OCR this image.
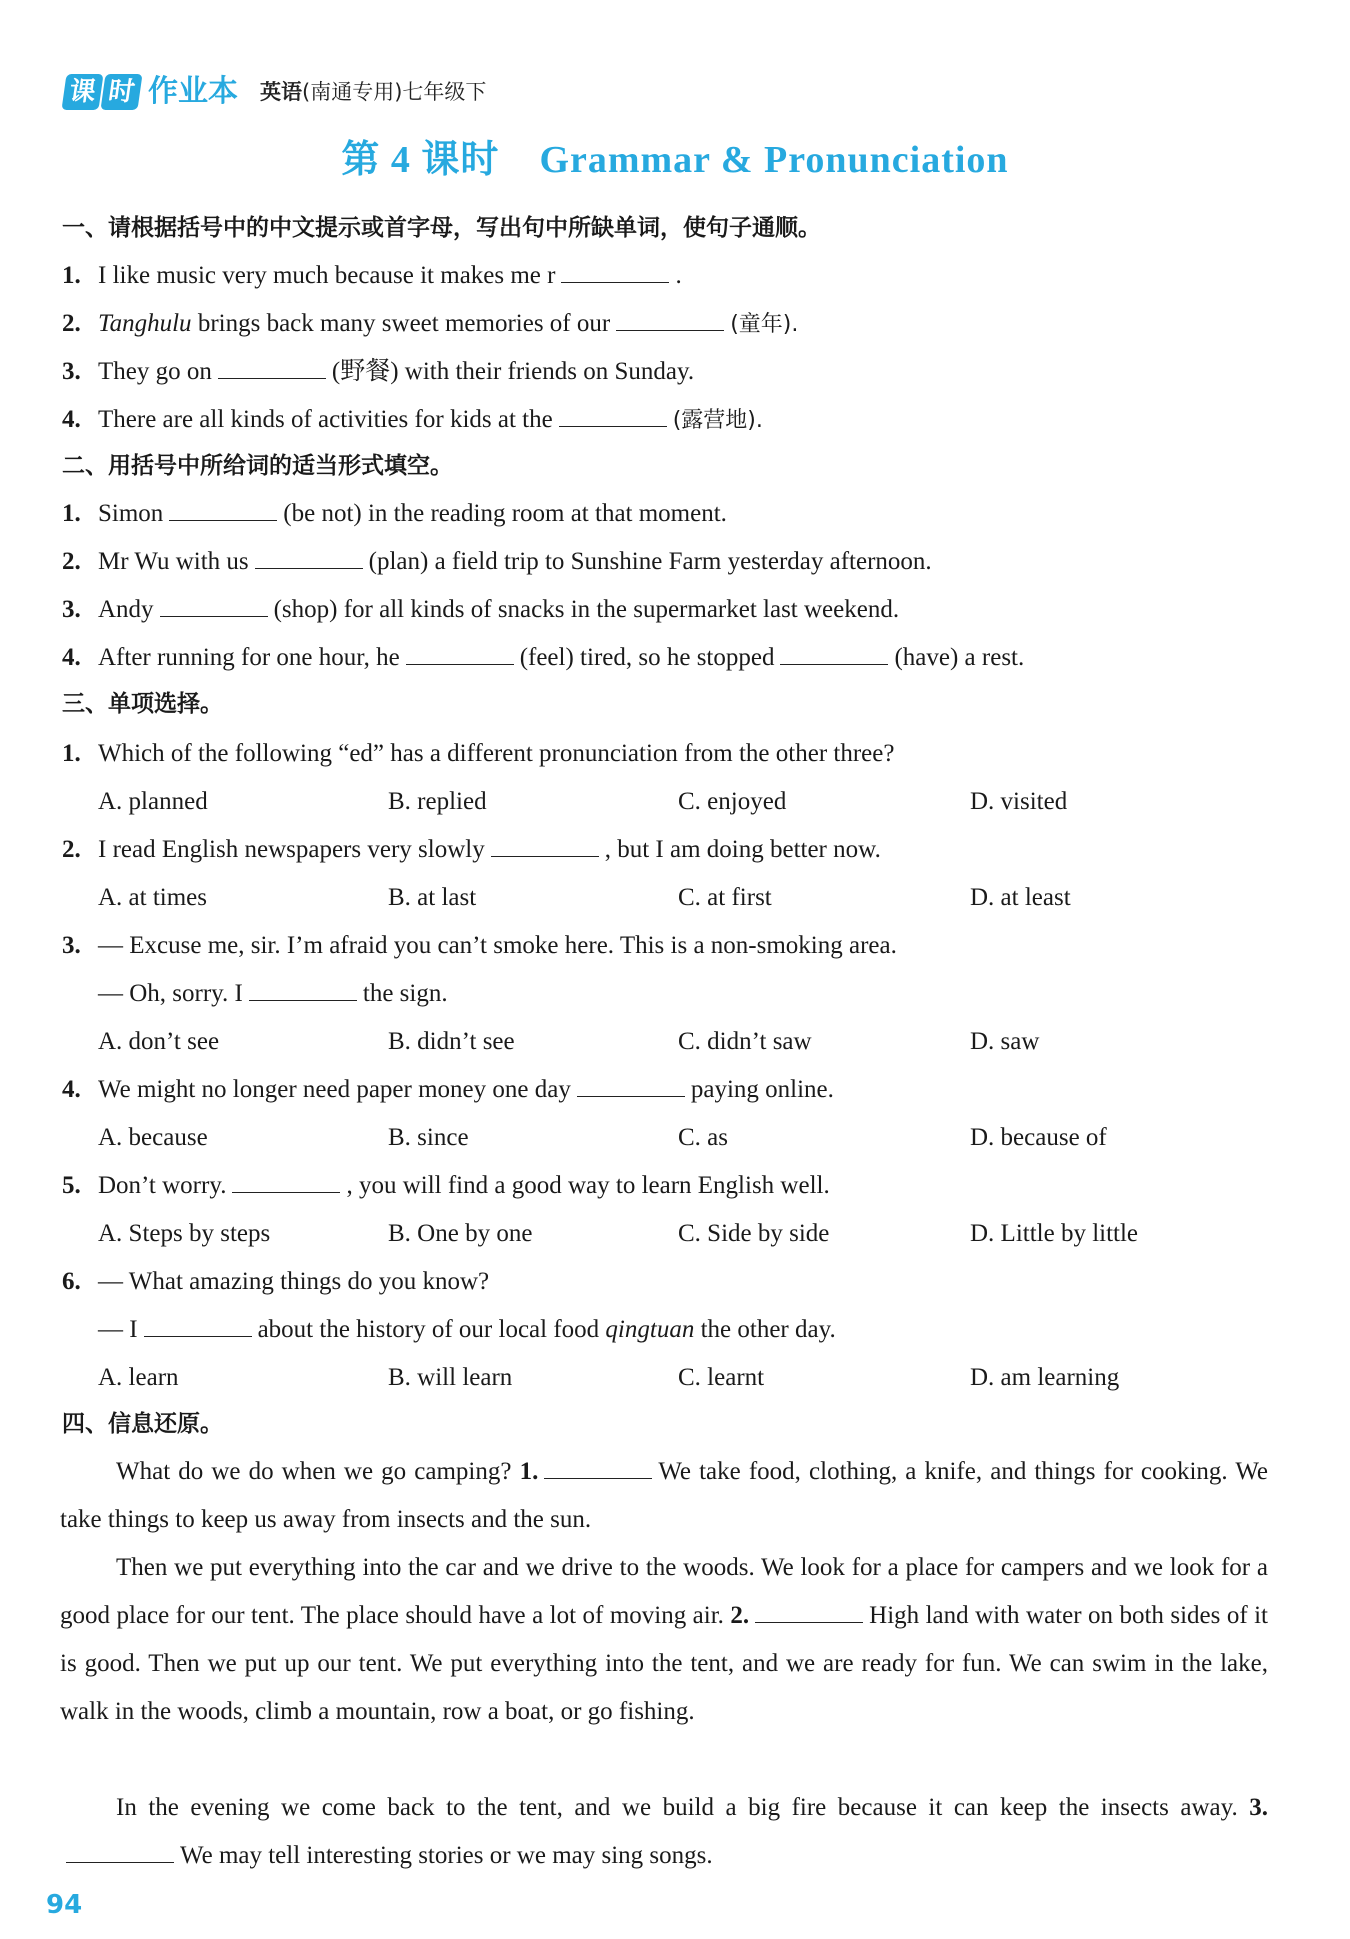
课 时 作业本 英语(南通专用)七年级下
第 4 课时 Grammar & Pronunciation
一、请根据括号中的中文提示或首字母，写出句中所缺单词，使句子通顺。
1. I like music very much because it makes me r	.
2. Tanghulu brings back many sweet memories of our	(童年).
3. They go on	(野餐) with their friends on Sunday.
4. There are all kinds of activities for kids at the	(露营地).
二、用括号中所给词的适当形式填空。
1. Simon	(be not) in the reading room at that moment.
2. Mr Wu with us	(plan) a field trip to Sunshine Farm yesterday afternoon.
3. Andy	(shop) for all kinds of snacks in the supermarket last weekend.
4. After running for one hour, he	(feel) tired, so he stopped	(have) a rest.
三、单项选择。
1. Which of the following “ed” has a different pronunciation from the other three?
A. planned	B. replied	C. enjoyed	D. visited
2. I read English newspapers very slowly	, but I am doing better now.
A. at times	B. at last	C. at first	D. at least
3. — Excuse me, sir. I’m afraid you can’t smoke here. This is a non-smoking area.
— Oh, sorry. I	the sign.
A. don’t see	B. didn’t see	C. didn’t saw	D. saw
4. We might no longer need paper money one day	paying online.
A. because	B. since	C. as	D. because of
5. Don’t worry.	, you will find a good way to learn English well.
A. Steps by steps	B. One by one	C. Side by side	D. Little by little
6. — What amazing things do you know?
— I	about the history of our local food qingtuan the other day.
A. learn	B. will learn	C. learnt	D. am learning
四、信息还原。
What do we do when we go camping? 1.	We take food, clothing, a knife, and things for cooking. We take things to keep us away from insects and the sun.
Then we put everything into the car and we drive to the woods. We look for a place for campers and we look for a good place for our tent. The place should have a lot of moving air. 2.	High land with water on both sides of it is good. Then we put up our tent. We put everything into the tent, and we are ready for fun. We can swim in the lake, walk in the woods, climb a mountain, row a boat, or go fishing.
In the evening we come back to the tent, and we build a big fire because it can keep the insects away. 3.We may tell interesting stories or we may sing songs.
94
